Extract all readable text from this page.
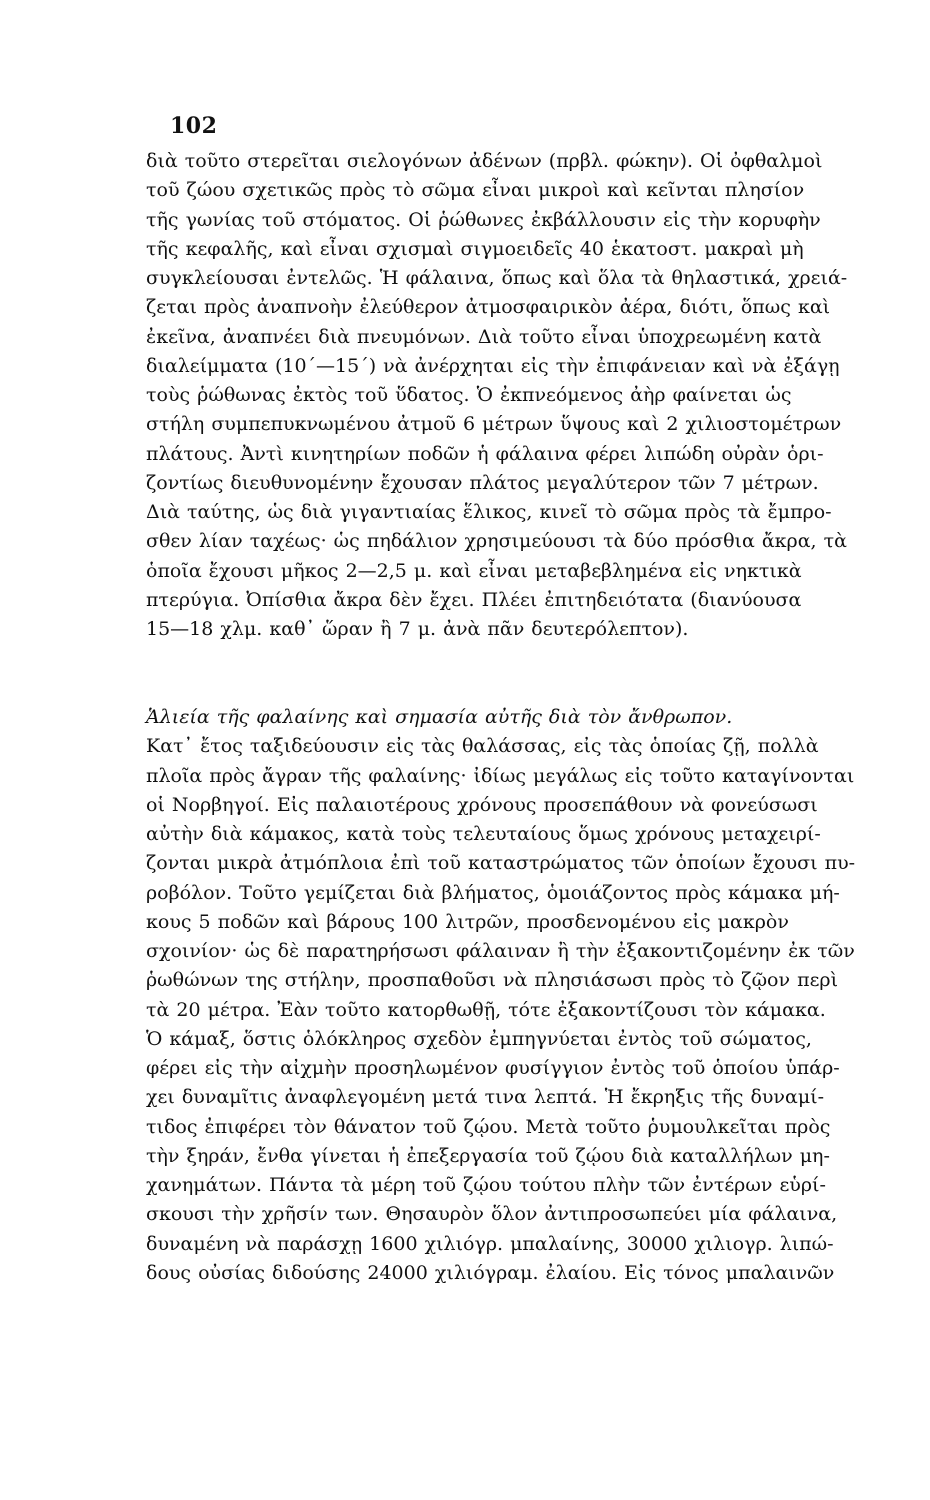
102
διὰ τοῦτο στερεῖται σιελογόνων ἀδένων (πρβλ. φώκην). Οἱ ὀφθαλμοὶ
τοῦ ζώου σχετικῶς πρὸς τὸ σῶμα εἶναι μικροὶ καὶ κεῖνται πλησίον
τῆς γωνίας τοῦ στόματος. Οἱ ῥώθωνες ἐκβάλλουσιν εἰς τὴν κορυφὴν
τῆς κεφαλῆς, καὶ εἶναι σχισμαὶ σιγμοειδεῖς 40 ἑκατοστ. μακραὶ μὴ
συγκλείουσαι ἐντελῶς. Ἡ φάλαινα, ὅπως καὶ ὅλα τὰ θηλαστικά, χρειά-
ζεται πρὸς ἀναπνοὴν ἐλεύθερον ἀτμοσφαιρικὸν ἀέρα, διότι, ὅπως καὶ
ἐκεῖνα, ἀναπνέει διὰ πνευμόνων. Διὰ τοῦτο εἶναι ὑποχρεωμένη κατὰ
διαλείμματα (10΄—15΄) νὰ ἀνέρχηται εἰς τὴν ἐπιφάνειαν καὶ νὰ ἐξάγῃ
τοὺς ῥώθωνας ἐκτὸς τοῦ ὕδατος. Ὁ ἐκπνεόμενος ἀὴρ φαίνεται ὡς
στήλη συμπεπυκνωμένου ἀτμοῦ 6 μέτρων ὕψους καὶ 2 χιλιοστομέτρων
πλάτους. Ἀντὶ κινητηρίων ποδῶν ἡ φάλαινα φέρει λιπώδη οὐρὰν ὁρι-
ζοντίως διευθυνομένην ἔχουσαν πλάτος μεγαλύτερον τῶν 7 μέτρων.
Διὰ ταύτης, ὡς διὰ γιγαντιαίας ἕλικος, κινεῖ τὸ σῶμα πρὸς τὰ ἔμπρο-
σθεν λίαν ταχέως· ὡς πηδάλιον χρησιμεύουσι τὰ δύο πρόσθια ἄκρα, τὰ
ὁποῖα ἔχουσι μῆκος 2—2,5 μ. καὶ εἶναι μεταβεβλημένα εἰς νηκτικὰ
πτερύγια. Ὀπίσθια ἄκρα δὲν ἔχει. Πλέει ἐπιτηδειότατα (διανύουσα
15—18 χλμ. καθ᾿ ὥραν ἢ 7 μ. ἀνὰ πᾶν δευτερόλεπτον).
Ἁλιεία τῆς φαλαίνης καὶ σημασία αὐτῆς διὰ τὸν ἄνθρωπον.
Κατ᾿ ἔτος ταξιδεύουσιν εἰς τὰς θαλάσσας, εἰς τὰς ὁποίας ζῇ, πολλὰ
πλοῖα πρὸς ἄγραν τῆς φαλαίνης· ἰδίως μεγάλως εἰς τοῦτο καταγίνονται
οἱ Νορβηγοί. Εἰς παλαιοτέρους χρόνους προσεπάθουν νὰ φονεύσωσι
αὐτὴν διὰ κάμακος, κατὰ τοὺς τελευταίους ὅμως χρόνους μεταχειρί-
ζονται μικρὰ ἀτμόπλοια ἐπὶ τοῦ καταστρώματος τῶν ὁποίων ἔχουσι πυ-
ροβόλον. Τοῦτο γεμίζεται διὰ βλήματος, ὁμοιάζοντος πρὸς κάμακα μή-
κους 5 ποδῶν καὶ βάρους 100 λιτρῶν, προσδενομένου εἰς μακρὸν
σχοινίον· ὡς δὲ παρατηρήσωσι φάλαιναν ἢ τὴν ἐξακοντιζομένην ἐκ τῶν
ῥωθώνων της στήλην, προσπαθοῦσι νὰ πλησιάσωσι πρὸς τὸ ζῷον περὶ
τὰ 20 μέτρα. Ἐὰν τοῦτο κατορθωθῇ, τότε ἐξακοντίζουσι τὸν κάμακα.
Ὁ κάμαξ, ὅστις ὁλόκληρος σχεδὸν ἐμπηγνύεται ἐντὸς τοῦ σώματος,
φέρει εἰς τὴν αἰχμὴν προσηλωμένον φυσίγγιον ἐντὸς τοῦ ὁποίου ὑπάρ-
χει δυναμῖτις ἀναφλεγομένη μετά τινα λεπτά. Ἡ ἔκρηξις τῆς δυναμί-
τιδος ἐπιφέρει τὸν θάνατον τοῦ ζῴου. Μετὰ τοῦτο ῥυμουλκεῖται πρὸς
τὴν ξηράν, ἔνθα γίνεται ἡ ἐπεξεργασία τοῦ ζῴου διὰ καταλλήλων μη-
χανημάτων. Πάντα τὰ μέρη τοῦ ζῴου τούτου πλὴν τῶν ἐντέρων εὑρί-
σκουσι τὴν χρῆσίν των. Θησαυρὸν ὅλον ἀντιπροσωπεύει μία φάλαινα,
δυναμένη νὰ παράσχῃ 1600 χιλιόγρ. μπαλαίνης, 30000 χιλιογρ. λιπώ-
δους οὐσίας διδούσης 24000 χιλιόγραμ. ἐλαίου. Εἰς τόνος μπαλαινῶν
